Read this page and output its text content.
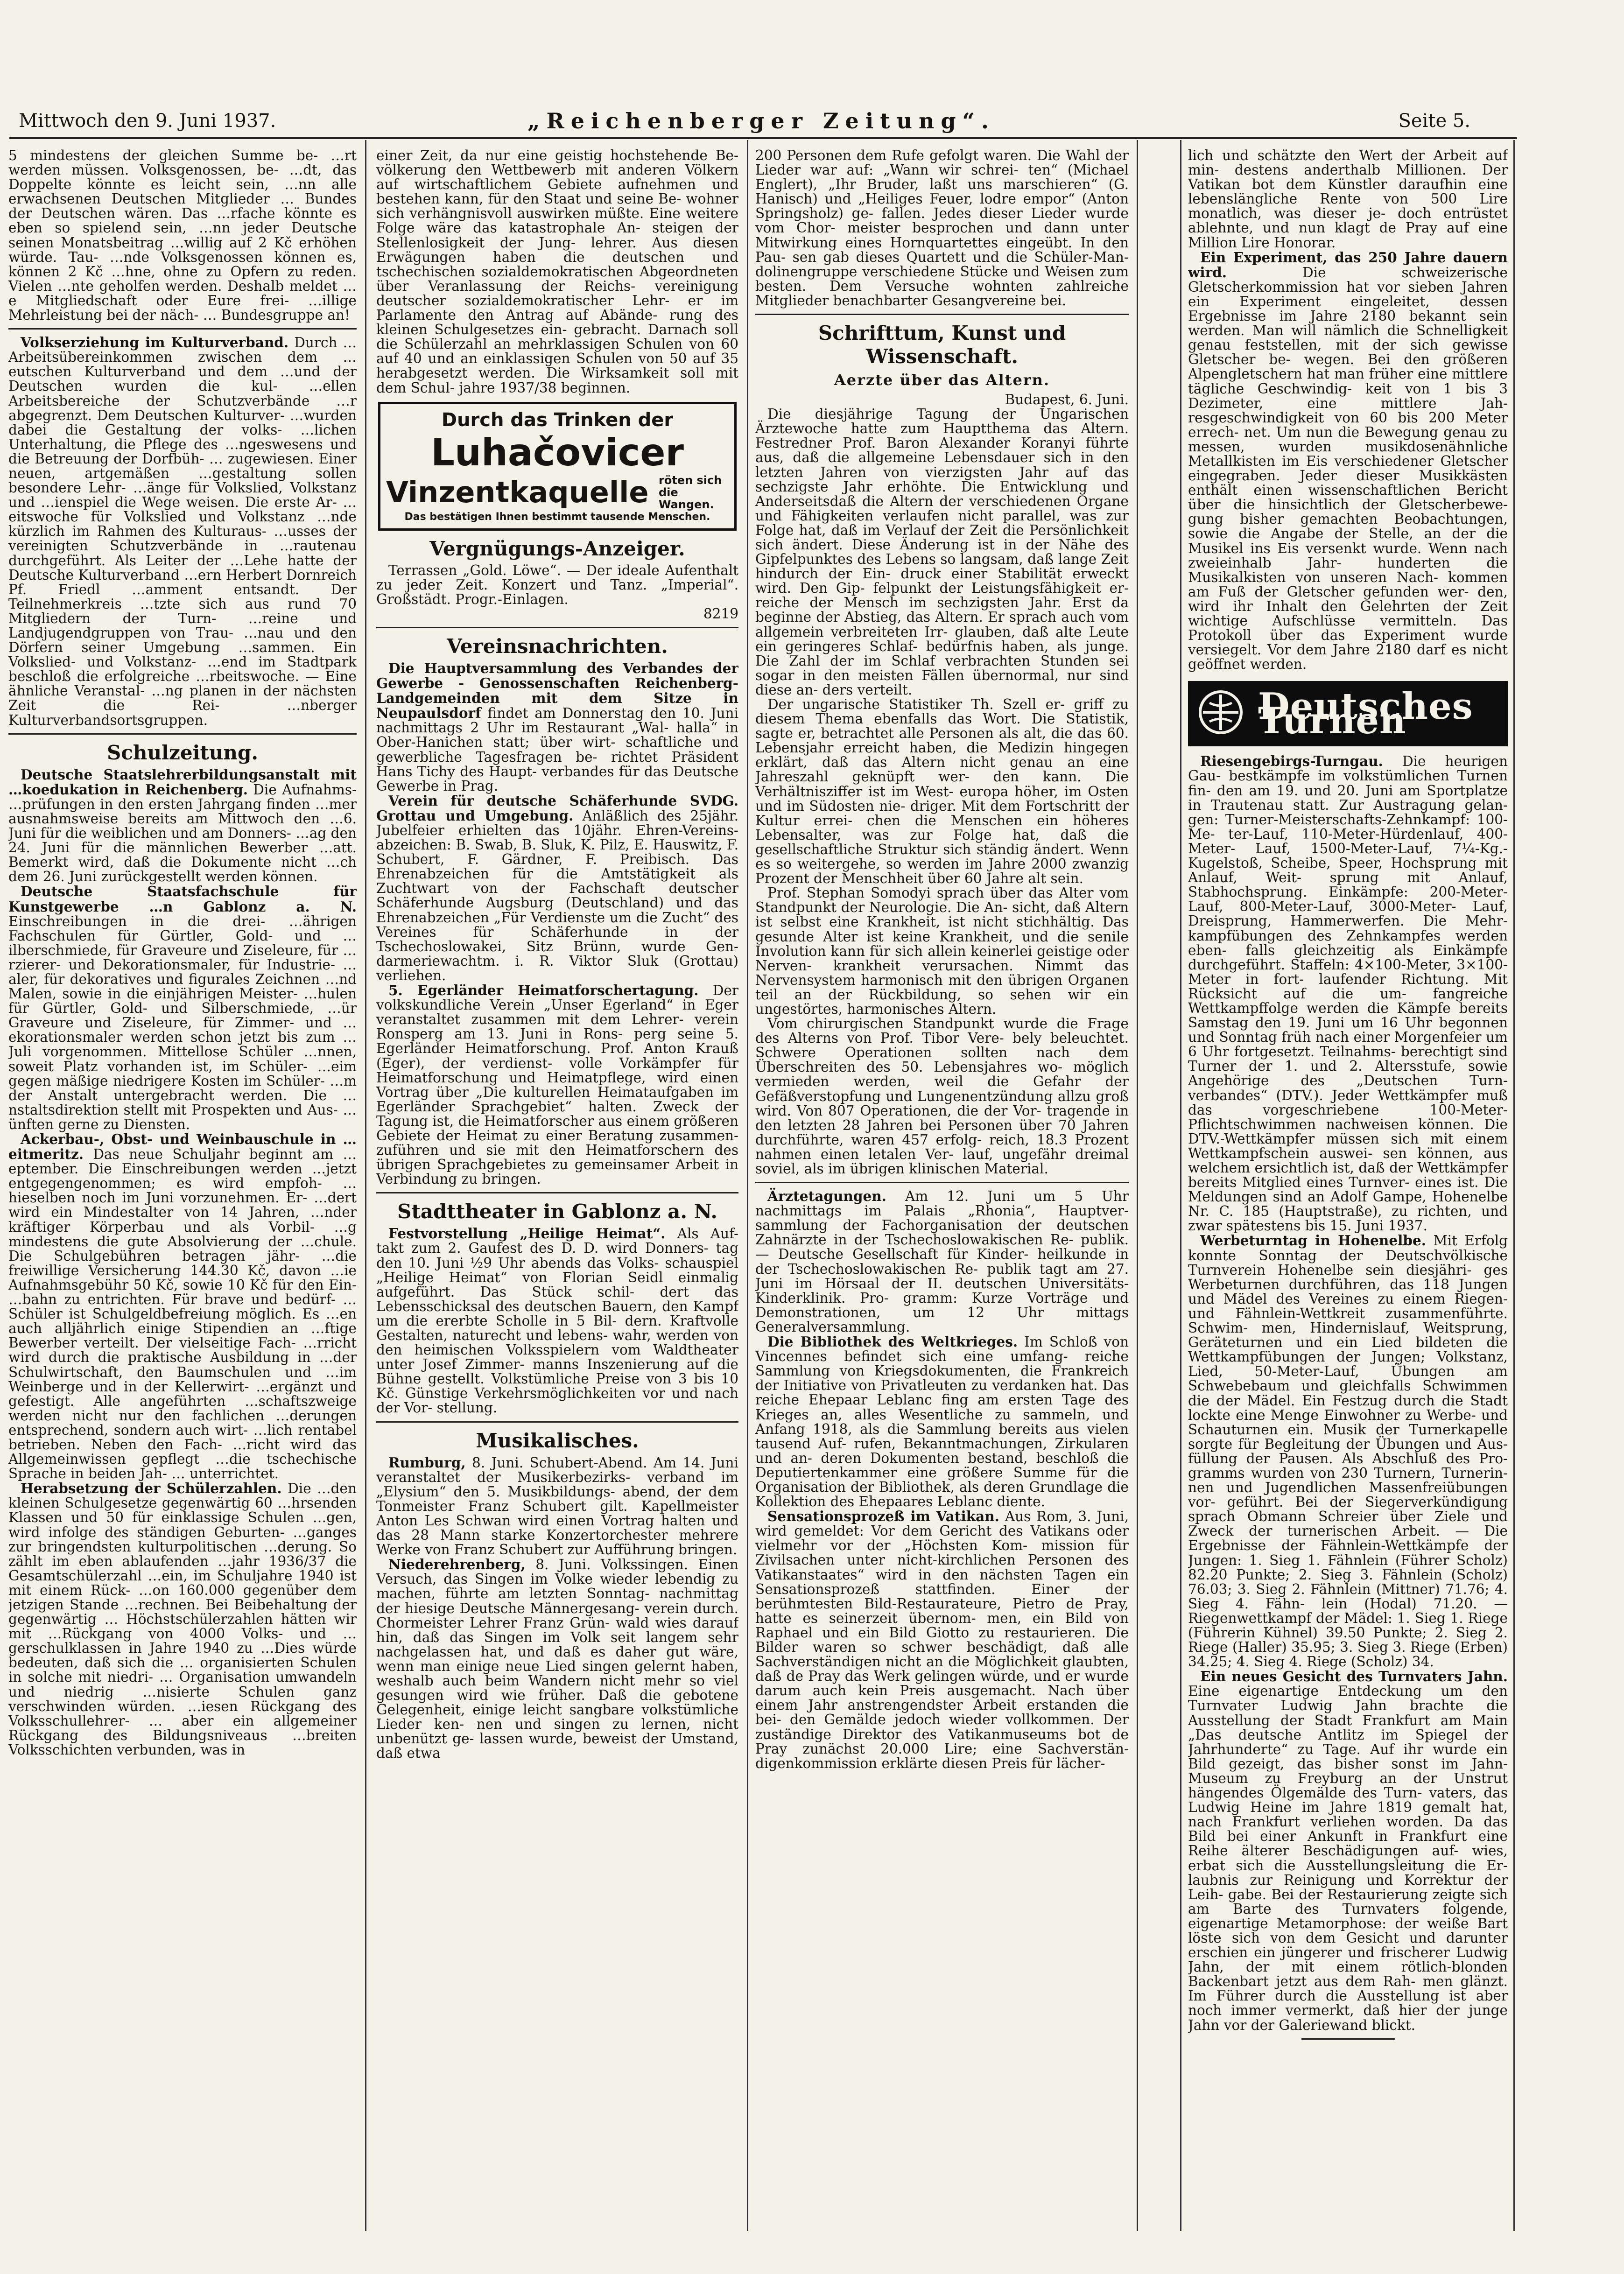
Mittwoch den 9. Juni 1937.	„Reichenberger Zeitung“.	Seite 5.

5 mindestens der gleichen Summe be- …rt werden müssen. Volksgenossen, be- …dt, das Doppelte könnte es leicht sein, …nn alle erwachsenen Deutschen Mitglieder … Bundes der Deutschen wären. Das …rfache könnte es eben so spielend sein, …nn jeder Deutsche seinen Monatsbeitrag …willig auf 2 Kč erhöhen würde. Tau- …nde Volksgenossen können es, können 2 Kč …hne, ohne zu Opfern zu reden. Vielen …nte geholfen werden. Deshalb meldet …e Mitgliedschaft oder Eure frei- …illige Mehrleistung bei der näch- … Bundesgruppe an!

Volkserziehung im Kulturverband. Durch … Arbeitsübereinkommen zwischen dem …eutschen Kulturverband und dem …und der Deutschen wurden die kul- …ellen Arbeitsbereiche der Schutzverbände …r abgegrenzt. Dem Deutschen Kulturver- …wurden dabei die Gestaltung der volks- …lichen Unterhaltung, die Pflege des …ngeswesens und die Betreuung der Dorfbüh- … zugewiesen. Einer neuen, artgemäßen …gestaltung sollen besondere Lehr- …änge für Volkslied, Volkstanz und …ienspiel die Wege weisen. Die erste Ar- …eitswoche für Volkslied und Volkstanz …nde kürzlich im Rahmen des Kulturaus- …usses der vereinigten Schutzverbände in …rautenau durchgeführt. Als Leiter der …Lehe hatte der Deutsche Kulturverband …ern Herbert Dornreich Pf. Friedl …amment entsandt. Der Teilnehmerkreis …tzte sich aus rund 70 Mitgliedern der Turn- …reine und Landjugendgruppen von Trau- …nau und den Dörfern seiner Umgebung …sammen. Ein Volkslied- und Volkstanz- …end im Stadtpark beschloß die erfolgreiche …rbeitswoche. — Eine ähnliche Veranstal- …ng planen in der nächsten Zeit die Rei- …nberger Kulturverbandsortsgruppen.

Schulzeitung.

Deutsche Staatslehrerbildungsanstalt mit …koedukation in Reichenberg. Die Aufnahms- …prüfungen in den ersten Jahrgang finden …mer ausnahmsweise bereits am Mittwoch den …6. Juni für die weiblichen und am Donners- …ag den 24. Juni für die männlichen Bewerber …att. Bemerkt wird, daß die Dokumente nicht …ch dem 26. Juni zurückgestellt werden können.

Deutsche Staatsfachschule für Kunstgewerbe …n Gablonz a. N. Einschreibungen in die drei- …ährigen Fachschulen für Gürtler, Gold- und …ilberschmiede, für Graveure und Ziseleure, für …rzierer- und Dekorationsmaler, für Industrie- …aler, für dekoratives und figurales Zeichnen …nd Malen, sowie in die einjährigen Meister- …hulen für Gürtler, Gold- und Silberschmiede, …ür Graveure und Ziseleure, für Zimmer- und …ekorationsmaler werden schon jetzt bis zum … Juli vorgenommen. Mittellose Schüler …nnen, soweit Platz vorhanden ist, im Schüler- …eim gegen mäßige niedrigere Kosten im Schüler- …m der Anstalt untergebracht werden. Die …nstaltsdirektion stellt mit Prospekten und Aus- …ünften gerne zu Diensten.

Ackerbau-, Obst- und Weinbauschule in …eitmeritz. Das neue Schuljahr beginnt am …eptember. Die Einschreibungen werden …jetzt entgegengenommen; es wird empfoh- …hieselben noch im Juni vorzunehmen. Er- …dert wird ein Mindestalter von 14 Jahren, …nder kräftiger Körperbau und als Vorbil- …g mindestens die gute Absolvierung der …chule. Die Schulgebühren betragen jähr- …die freiwillige Versicherung 144.30 Kč, davon …ie Aufnahmsgebühr 50 Kč, sowie 10 Kč für den Ein- …bahn zu entrichten. Für brave und bedürf- … Schüler ist Schulgeldbefreiung möglich. Es …en auch alljährlich einige Stipendien an …ftige Bewerber verteilt. Der vielseitige Fach- …rricht wird durch die praktische Ausbildung in …der Schulwirtschaft, den Baumschulen und …im Weinberge und in der Kellerwirt- …ergänzt und gefestigt. Alle angeführten …schaftszweige werden nicht nur den fachlichen …derungen entsprechend, sondern auch wirt- …lich rentabel betrieben. Neben den Fach- …richt wird das Allgemeinwissen gepflegt …die tschechische Sprache in beiden Jah- … unterrichtet.

Herabsetzung der Schülerzahlen. Die …den kleinen Schulgesetze gegenwärtig 60 …hrsenden Klassen und 50 für einklassige Schulen …gen, wird infolge des ständigen Geburten- …ganges zur bringendsten kulturpolitischen …derung. So zählt im eben ablaufenden …jahr 1936/37 die Gesamtschülerzahl …ein, im Schuljahre 1940 ist mit einem Rück- …on 160.000 gegenüber dem jetzigen Stande …rechnen. Bei Beibehaltung der gegenwärtig … Höchstschülerzahlen hätten wir mit …Rückgang von 4000 Volks- und …gerschulklassen in Jahre 1940 zu …Dies würde bedeuten, daß sich die … organisierten Schulen in solche mit niedri- … Organisation umwandeln und niedrig …nisierte Schulen ganz verschwinden würden. …iesen Rückgang des Volksschullehrer- … aber ein allgemeiner Rückgang des Bildungsniveaus …breiten Volksschichten verbunden, was in

einer Zeit, da nur eine geistig hochstehende Be- völkerung den Wettbewerb mit anderen Völkern auf wirtschaftlichem Gebiete aufnehmen und bestehen kann, für den Staat und seine Be- wohner sich verhängnisvoll auswirken müßte. Eine weitere Folge wäre das katastrophale An- steigen der Stellenlosigkeit der Jung- lehrer. Aus diesen Erwägungen haben die deutschen und tschechischen sozialdemokratischen Abgeordneten über Veranlassung der Reichs- vereinigung deutscher sozialdemokratischer Lehr- er im Parlamente den Antrag auf Abände- rung des kleinen Schulgesetzes ein- gebracht. Darnach soll die Schülerzahl an mehrklassigen Schulen von 60 auf 40 und an einklassigen Schulen von 50 auf 35 herabgesetzt werden. Die Wirksamkeit soll mit dem Schul- jahre 1937/38 beginnen.

Durch das Trinken der
Luhačovicer
Vinzentkaquelle röten sich die Wangen.
Das bestätigen Ihnen bestimmt tausende Menschen.
Vergnügungs-Anzeiger.

Terrassen „Gold. Löwe“. — Der ideale Aufenthalt zu jeder Zeit. Konzert und Tanz. „Imperial“. Großstädt. Progr.-Einlagen.

8219
Vereinsnachrichten.

Die Hauptversammlung des Verbandes der Gewerbe - Genossenschaften Reichenberg- Landgemeinden mit dem Sitze in Neupaulsdorf findet am Donnerstag den 10. Juni nachmittags 2 Uhr im Restaurant „Wal- halla“ in Ober-Hanichen statt; über wirt- schaftliche und gewerbliche Tagesfragen be- richtet Präsident Hans Tichy des Haupt- verbandes für das Deutsche Gewerbe in Prag.

Verein für deutsche Schäferhunde SVDG. Grottau und Umgebung. Anläßlich des 25jähr. Jubelfeier erhielten das 10jähr. Ehren-Vereins- abzeichen: B. Swab, B. Sluk, K. Pilz, E. Hauswitz, F. Schubert, F. Gärdner, F. Preibisch. Das Ehrenabzeichen für die Amtstätigkeit als Zuchtwart von der Fachschaft deutscher Schäferhunde Augsburg (Deutschland) und das Ehrenabzeichen „Für Verdienste um die Zucht“ des Vereines für Schäferhunde in der Tschechoslowakei, Sitz Brünn, wurde Gen- darmeriewachtm. i. R. Viktor Sluk (Grottau) verliehen.

5. Egerländer Heimatforschertagung. Der volkskundliche Verein „Unser Egerland“ in Eger veranstaltet zusammen mit dem Lehrer- verein Ronsperg am 13. Juni in Rons- perg seine 5. Egerländer Heimatforschung. Prof. Anton Krauß (Eger), der verdienst- volle Vorkämpfer für Heimatforschung und Heimatpflege, wird einen Vortrag über „Die kulturellen Heimataufgaben im Egerländer Sprachgebiet“ halten. Zweck der Tagung ist, die Heimatforscher aus einem größeren Gebiete der Heimat zu einer Beratung zusammen- zuführen und sie mit den Heimatforschern des übrigen Sprachgebietes zu gemeinsamer Arbeit in Verbindung zu bringen.

Stadttheater in Gablonz a. N.

Festvorstellung „Heilige Heimat“. Als Auf- takt zum 2. Gaufest des D. D. wird Donners- tag den 10. Juni ½9 Uhr abends das Volks- schauspiel „Heilige Heimat“ von Florian Seidl einmalig aufgeführt. Das Stück schil- dert das Lebensschicksal des deutschen Bauern, den Kampf um die ererbte Scholle in 5 Bil- dern. Kraftvolle Gestalten, naturecht und lebens- wahr, werden von den heimischen Volksspielern vom Waldtheater unter Josef Zimmer- manns Inszenierung auf die Bühne gestellt. Volkstümliche Preise von 3 bis 10 Kč. Günstige Verkehrsmöglichkeiten vor und nach der Vor- stellung.

Musikalisches.

Rumburg, 8. Juni. Schubert-Abend. Am 14. Juni veranstaltet der Musikerbezirks- verband im „Elysium“ den 5. Musikbildungs- abend, der dem Tonmeister Franz Schubert gilt. Kapellmeister Anton Les Schwan wird einen Vortrag halten und das 28 Mann starke Konzertorchester mehrere Werke von Franz Schubert zur Aufführung bringen.

Niederehrenberg, 8. Juni. Volkssingen. Einen Versuch, das Singen im Volke wieder lebendig zu machen, führte am letzten Sonntag- nachmittag der hiesige Deutsche Männergesang- verein durch. Chormeister Lehrer Franz Grün- wald wies darauf hin, daß das Singen im Volk seit langem sehr nachgelassen hat, und daß es daher gut wäre, wenn man einige neue Lied singen gelernt haben, weshalb auch beim Wandern nicht mehr so viel gesungen wird wie früher. Daß die gebotene Gelegenheit, einige leicht sangbare volkstümliche Lieder ken- nen und singen zu lernen, nicht unbenützt ge- lassen wurde, beweist der Umstand, daß etwa

200 Personen dem Rufe gefolgt waren. Die Wahl der Lieder war auf: „Wann wir schrei- ten“ (Michael Englert), „Ihr Bruder, laßt uns marschieren“ (G. Hanisch) und „Heiliges Feuer, lodre empor“ (Anton Springsholz) ge- fallen. Jedes dieser Lieder wurde vom Chor- meister besprochen und dann unter Mitwirkung eines Hornquartettes eingeübt. In den Pau- sen gab dieses Quartett und die Schüler-Man- dolinengruppe verschiedene Stücke und Weisen zum besten. Dem Versuche wohnten zahlreiche Mitglieder benachbarter Gesangvereine bei.

Schrifttum, Kunst und Wissenschaft.
Aerzte über das Altern.
Budapest, 6. Juni.

Die diesjährige Tagung der Ungarischen Ärztewoche hatte zum Hauptthema das Altern. Festredner Prof. Baron Alexander Koranyi führte aus, daß die allgemeine Lebensdauer sich in den letzten Jahren von vierzigsten Jahr auf das sechzigste Jahr erhöhte. Die Entwicklung und Anderseitsdaß die Altern der verschiedenen Organe und Fähigkeiten verlaufen nicht parallel, was zur Folge hat, daß im Verlauf der Zeit die Persönlichkeit sich ändert. Diese Änderung ist in der Nähe des Gipfelpunktes des Lebens so langsam, daß lange Zeit hindurch der Ein- druck einer Stabilität erweckt wird. Den Gip- felpunkt der Leistungsfähigkeit er- reiche der Mensch im sechzigsten Jahr. Erst da beginne der Abstieg, das Altern. Er sprach auch vom allgemein verbreiteten Irr- glauben, daß alte Leute ein geringeres Schlaf- bedürfnis haben, als junge. Die Zahl der im Schlaf verbrachten Stunden sei sogar in den meisten Fällen übernormal, nur sind diese an- ders verteilt.

Der ungarische Statistiker Th. Szell er- griff zu diesem Thema ebenfalls das Wort. Die Statistik, sagte er, betrachtet alle Personen als alt, die das 60. Lebensjahr erreicht haben, die Medizin hingegen erklärt, daß das Altern nicht genau an eine Jahreszahl geknüpft wer- den kann. Die Verhältnisziffer ist im West- europa höher, im Osten und im Südosten nie- driger. Mit dem Fortschritt der Kultur errei- chen die Menschen ein höheres Lebensalter, was zur Folge hat, daß die gesellschaftliche Struktur sich ständig ändert. Wenn es so weitergehe, so werden im Jahre 2000 zwanzig Prozent der Menschheit über 60 Jahre alt sein.

Prof. Stephan Somodyi sprach über das Alter vom Standpunkt der Neurologie. Die An- sicht, daß Altern ist selbst eine Krankheit, ist nicht stichhältig. Das gesunde Alter ist keine Krankheit, und die senile Involution kann für sich allein keinerlei geistige oder Nerven- krankheit verursachen. Nimmt das Nervensystem harmonisch mit den übrigen Organen teil an der Rückbildung, so sehen wir ein ungestörtes, harmonisches Altern.

Vom chirurgischen Standpunkt wurde die Frage des Alterns von Prof. Tibor Vere- bely beleuchtet. Schwere Operationen sollten nach dem Überschreiten des 50. Lebensjahres wo- möglich vermieden werden, weil die Gefahr der Gefäßverstopfung und Lungenentzündung allzu groß wird. Von 807 Operationen, die der Vor- tragende in den letzten 28 Jahren bei Personen über 70 Jahren durchführte, waren 457 erfolg- reich, 18.3 Prozent nahmen einen letalen Ver- lauf, ungefähr dreimal soviel, als im übrigen klinischen Material.

Ärztetagungen. Am 12. Juni um 5 Uhr nachmittags im Palais „Rhonia“, Hauptver- sammlung der Fachorganisation der deutschen Zahnärzte in der Tschechoslowakischen Re- publik. — Deutsche Gesellschaft für Kinder- heilkunde in der Tschechoslowakischen Re- publik tagt am 27. Juni im Hörsaal der II. deutschen Universitäts-Kinderklinik. Pro- gramm: Kurze Vorträge und Demonstrationen, um 12 Uhr mittags Generalversammlung.

Die Bibliothek des Weltkrieges. Im Schloß von Vincennes befindet sich eine umfang- reiche Sammlung von Kriegsdokumenten, die Frankreich der Initiative von Privatleuten zu verdanken hat. Das reiche Ehepaar Leblanc fing am ersten Tage des Krieges an, alles Wesentliche zu sammeln, und Anfang 1918, als die Sammlung bereits aus vielen tausend Auf- rufen, Bekanntmachungen, Zirkularen und an- deren Dokumenten bestand, beschloß die Deputiertenkammer eine größere Summe für die Organisation der Bibliothek, als deren Grundlage die Kollektion des Ehepaares Leblanc diente.

Sensationsprozeß im Vatikan. Aus Rom, 3. Juni, wird gemeldet: Vor dem Gericht des Vatikans oder vielmehr vor der „Höchsten Kom- mission für Zivilsachen unter nicht-kirchlichen Personen des Vatikanstaates“ wird in den nächsten Tagen ein Sensationsprozeß stattfinden. Einer der berühmtesten Bild-Restaurateure, Pietro de Pray, hatte es seinerzeit übernom- men, ein Bild von Raphael und ein Bild Giotto zu restaurieren. Die Bilder waren so schwer beschädigt, daß alle Sachverständigen nicht an die Möglichkeit glaubten, daß de Pray das Werk gelingen würde, und er wurde darum auch kein Preis ausgemacht. Nach über einem Jahr anstrengendster Arbeit erstanden die bei- den Gemälde jedoch wieder vollkommen. Der zuständige Direktor des Vatikanmuseums bot de Pray zunächst 20.000 Lire; eine Sachverstän- digenkommission erklärte diesen Preis für lächer-

lich und schätzte den Wert der Arbeit auf min- destens anderthalb Millionen. Der Vatikan bot dem Künstler daraufhin eine lebenslängliche Rente von 500 Lire monatlich, was dieser je- doch entrüstet ablehnte, und nun klagt de Pray auf eine Million Lire Honorar.

Ein Experiment, das 250 Jahre dauern wird. Die schweizerische Gletscherkommission hat vor sieben Jahren ein Experiment eingeleitet, dessen Ergebnisse im Jahre 2180 bekannt sein werden. Man will nämlich die Schnelligkeit genau feststellen, mit der sich gewisse Gletscher be- wegen. Bei den größeren Alpengletschern hat man früher eine mittlere tägliche Geschwindig- keit von 1 bis 3 Dezimeter, eine mittlere Jah- resgeschwindigkeit von 60 bis 200 Meter errech- net. Um nun die Bewegung genau zu messen, wurden musikdosenähnliche Metallkisten im Eis verschiedener Gletscher eingegraben. Jeder dieser Musikkästen enthält einen wissenschaftlichen Bericht über die hinsichtlich der Gletscherbewe- gung bisher gemachten Beobachtungen, sowie die Angabe der Stelle, an der die Musikel ins Eis versenkt wurde. Wenn nach zweieinhalb Jahr- hunderten die Musikalkisten von unseren Nach- kommen am Fuß der Gletscher gefunden wer- den, wird ihr Inhalt den Gelehrten der Zeit wichtige Aufschlüsse vermitteln. Das Protokoll über das Experiment wurde versiegelt. Vor dem Jahre 2180 darf es nicht geöffnet werden.

Deutsches Turnen

Riesengebirgs-Turngau. Die heurigen Gau- bestkämpfe im volkstümlichen Turnen fin- den am 19. und 20. Juni am Sportplatze in Trautenau statt. Zur Austragung gelan- gen: Turner-Meisterschafts-Zehnkampf: 100-Me- ter-Lauf, 110-Meter-Hürdenlauf, 400-Meter- Lauf, 1500-Meter-Lauf, 7¼-Kg.-Kugelstoß, Scheibe, Speer, Hochsprung mit Anlauf, Weit- sprung mit Anlauf, Stabhochsprung. Einkämpfe: 200-Meter-Lauf, 800-Meter-Lauf, 3000-Meter- Lauf, Dreisprung, Hammerwerfen. Die Mehr- kampfübungen des Zehnkampfes werden eben- falls gleichzeitig als Einkämpfe durchgeführt. Staffeln: 4×100-Meter, 3×100-Meter in fort- laufender Richtung. Mit Rücksicht auf die um- fangreiche Wettkampffolge werden die Kämpfe bereits Samstag den 19. Juni um 16 Uhr begonnen und Sonntag früh nach einer Morgenfeier um 6 Uhr fortgesetzt. Teilnahms- berechtigt sind Turner der 1. und 2. Altersstufe, sowie Angehörige des „Deutschen Turn- verbandes“ (DTV.). Jeder Wettkämpfer muß das vorgeschriebene 100-Meter-Pflichtschwimmen nachweisen können. Die DTV.-Wettkämpfer müssen sich mit einem Wettkampfschein auswei- sen können, aus welchem ersichtlich ist, daß der Wettkämpfer bereits Mitglied eines Turnver- eines ist. Die Meldungen sind an Adolf Gampe, Hohenelbe Nr. C. 185 (Hauptstraße), zu richten, und zwar spätestens bis 15. Juni 1937.

Werbeturntag in Hohenelbe. Mit Erfolg konnte Sonntag der Deutschvölkische Turnverein Hohenelbe sein diesjähri- ges Werbeturnen durchführen, das 118 Jungen und Mädel des Vereines zu einem Riegen- und Fähnlein-Wettkreit zusammenführte. Schwim- men, Hindernislauf, Weitsprung, Geräteturnen und ein Lied bildeten die Wettkampfübungen der Jungen; Volkstanz, Lied, 50-Meter-Lauf, Übungen am Schwebebaum und gleichfalls Schwimmen die der Mädel. Ein Festzug durch die Stadt lockte eine Menge Einwohner zu Werbe- und Schauturnen ein. Musik der Turnerkapelle sorgte für Begleitung der Übungen und Aus- füllung der Pausen. Als Abschluß des Pro- gramms wurden von 230 Turnern, Turnerin- nen und Jugendlichen Massenfreiübungen vor- geführt. Bei der Siegerverkündigung sprach Obmann Schreier über Ziele und Zweck der turnerischen Arbeit. — Die Ergebnisse der Fähnlein-Wettkämpfe der Jungen: 1. Sieg 1. Fähnlein (Führer Scholz) 82.20 Punkte; 2. Sieg 3. Fähnlein (Scholz) 76.03; 3. Sieg 2. Fähnlein (Mittner) 71.76; 4. Sieg 4. Fähn- lein (Hodal) 71.20. — Riegenwettkampf der Mädel: 1. Sieg 1. Riege (Führerin Kühnel) 39.50 Punkte; 2. Sieg 2. Riege (Haller) 35.95; 3. Sieg 3. Riege (Erben) 34.25; 4. Sieg 4. Riege (Scholz) 34.

Ein neues Gesicht des Turnvaters Jahn. Eine eigenartige Entdeckung um den Turnvater Ludwig Jahn brachte die Ausstellung der Stadt Frankfurt am Main „Das deutsche Antlitz im Spiegel der Jahrhunderte“ zu Tage. Auf ihr wurde ein Bild gezeigt, das bisher sonst im Jahn-Museum zu Freyburg an der Unstrut hängendes Ölgemälde des Turn- vaters, das Ludwig Heine im Jahre 1819 gemalt hat, nach Frankfurt verliehen worden. Da das Bild bei einer Ankunft in Frankfurt eine Reihe älterer Beschädigungen auf- wies, erbat sich die Ausstellungsleitung die Er- laubnis zur Reinigung und Korrektur der Leih- gabe. Bei der Restaurierung zeigte sich am Barte des Turnvaters folgende, eigenartige Metamorphose: der weiße Bart löste sich von dem Gesicht und darunter erschien ein jüngerer und frischerer Ludwig Jahn, der mit einem rötlich-blonden Backenbart jetzt aus dem Rah- men glänzt. Im Führer durch die Ausstellung ist aber noch immer vermerkt, daß hier der junge Jahn vor der Galeriewand blickt.
